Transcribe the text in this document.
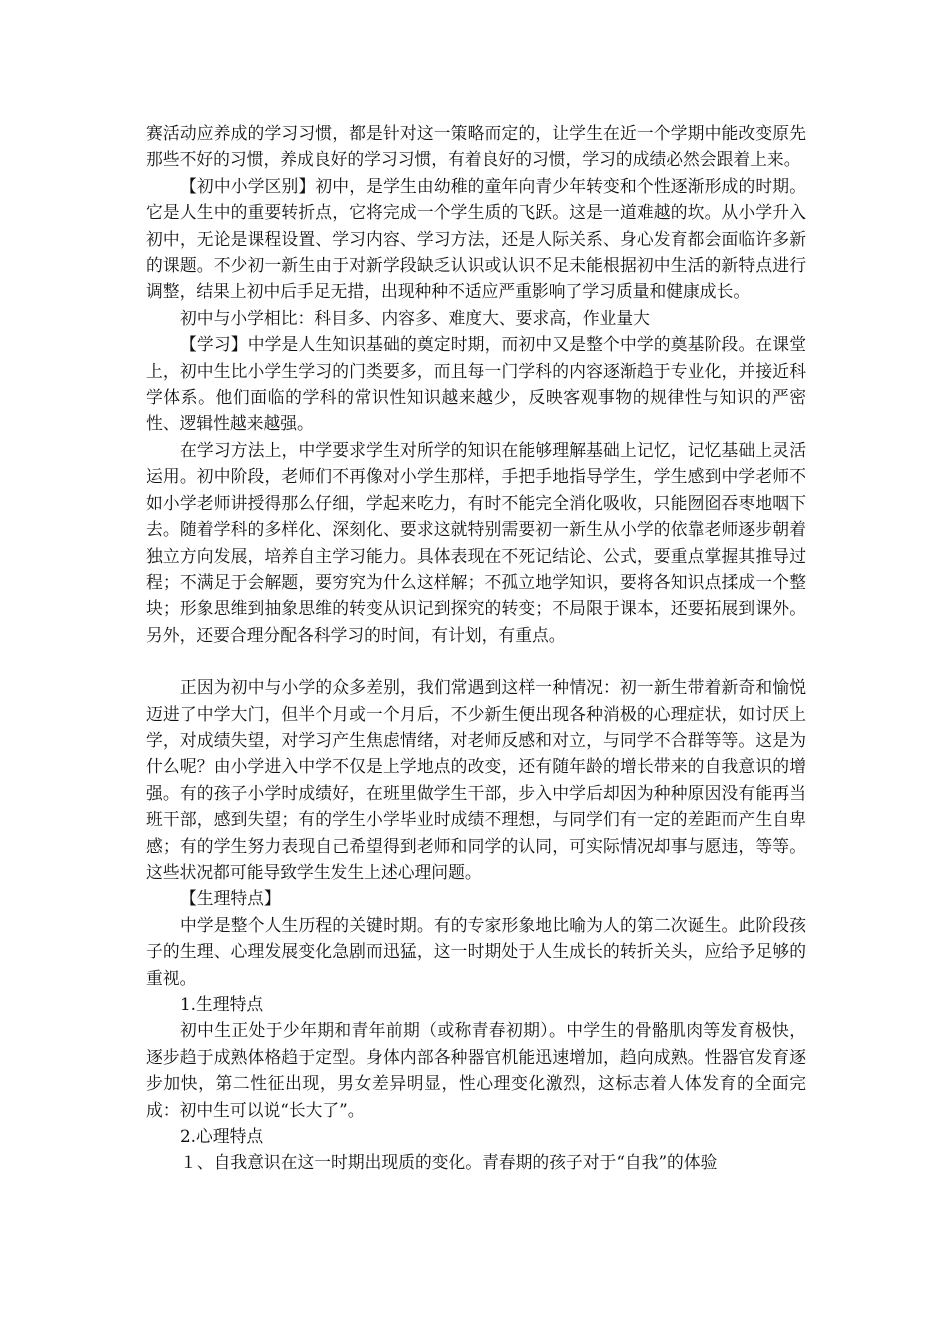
赛活动应养成的学习习惯，都是针对这一策略而定的，让学生在近一个学期中能改变原先那些不好的习惯，养成良好的学习习惯，有着良好的习惯，学习的成绩必然会跟着上来。

【初中小学区别】初中，是学生由幼稚的童年向青少年转变和个性逐渐形成的时期。它是人生中的重要转折点，它将完成一个学生质的飞跃。这是一道难越的坎。从小学升入初中，无论是课程设置、学习内容、学习方法，还是人际关系、身心发育都会面临许多新的课题。不少初一新生由于对新学段缺乏认识或认识不足未能根据初中生活的新特点进行调整，结果上初中后手足无措，出现种种不适应严重影响了学习质量和健康成长。

初中与小学相比：科目多、内容多、难度大、要求高，作业量大

【学习】中学是人生知识基础的奠定时期，而初中又是整个中学的奠基阶段。在课堂上，初中生比小学生学习的门类要多，而且每一门学科的内容逐渐趋于专业化，并接近科学体系。他们面临的学科的常识性知识越来越少，反映客观事物的规律性与知识的严密性、逻辑性越来越强。

在学习方法上，中学要求学生对所学的知识在能够理解基础上记忆，记忆基础上灵活运用。初中阶段，老师们不再像对小学生那样，手把手地指导学生，学生感到中学老师不如小学老师讲授得那么仔细，学起来吃力，有时不能完全消化吸收，只能囫囵吞枣地咽下去。随着学科的多样化、深刻化、要求这就特别需要初一新生从小学的依靠老师逐步朝着独立方向发展，培养自主学习能力。具体表现在不死记结论、公式，要重点掌握其推导过程；不满足于会解题，要穷究为什么这样解；不孤立地学知识，要将各知识点揉成一个整块；形象思维到抽象思维的转变从识记到探究的转变；不局限于课本，还要拓展到课外。另外，还要合理分配各科学习的时间，有计划，有重点。

正因为初中与小学的众多差别，我们常遇到这样一种情况：初一新生带着新奇和愉悦迈进了中学大门，但半个月或一个月后，不少新生便出现各种消极的心理症状，如讨厌上学，对成绩失望，对学习产生焦虑情绪，对老师反感和对立，与同学不合群等等。这是为什么呢？由小学进入中学不仅是上学地点的改变，还有随年龄的增长带来的自我意识的增强。有的孩子小学时成绩好，在班里做学生干部，步入中学后却因为种种原因没有能再当班干部，感到失望；有的学生小学毕业时成绩不理想，与同学们有一定的差距而产生自卑感；有的学生努力表现自己希望得到老师和同学的认同，可实际情况却事与愿违，等等。这些状况都可能导致学生发生上述心理问题。

【生理特点】

中学是整个人生历程的关键时期。有的专家形象地比喻为人的第二次诞生。此阶段孩子的生理、心理发展变化急剧而迅猛，这一时期处于人生成长的转折关头，应给予足够的重视。

1.生理特点

初中生正处于少年期和青年前期（或称青春初期）。中学生的骨骼肌肉等发育极快，逐步趋于成熟体格趋于定型。身体内部各种器官机能迅速增加，趋向成熟。性器官发育逐步加快，第二性征出现，男女差异明显，性心理变化激烈，这标志着人体发育的全面完成：初中生可以说“长大了”。

2.心理特点

１、自我意识在这一时期出现质的变化。青春期的孩子对于“自我”的体验
